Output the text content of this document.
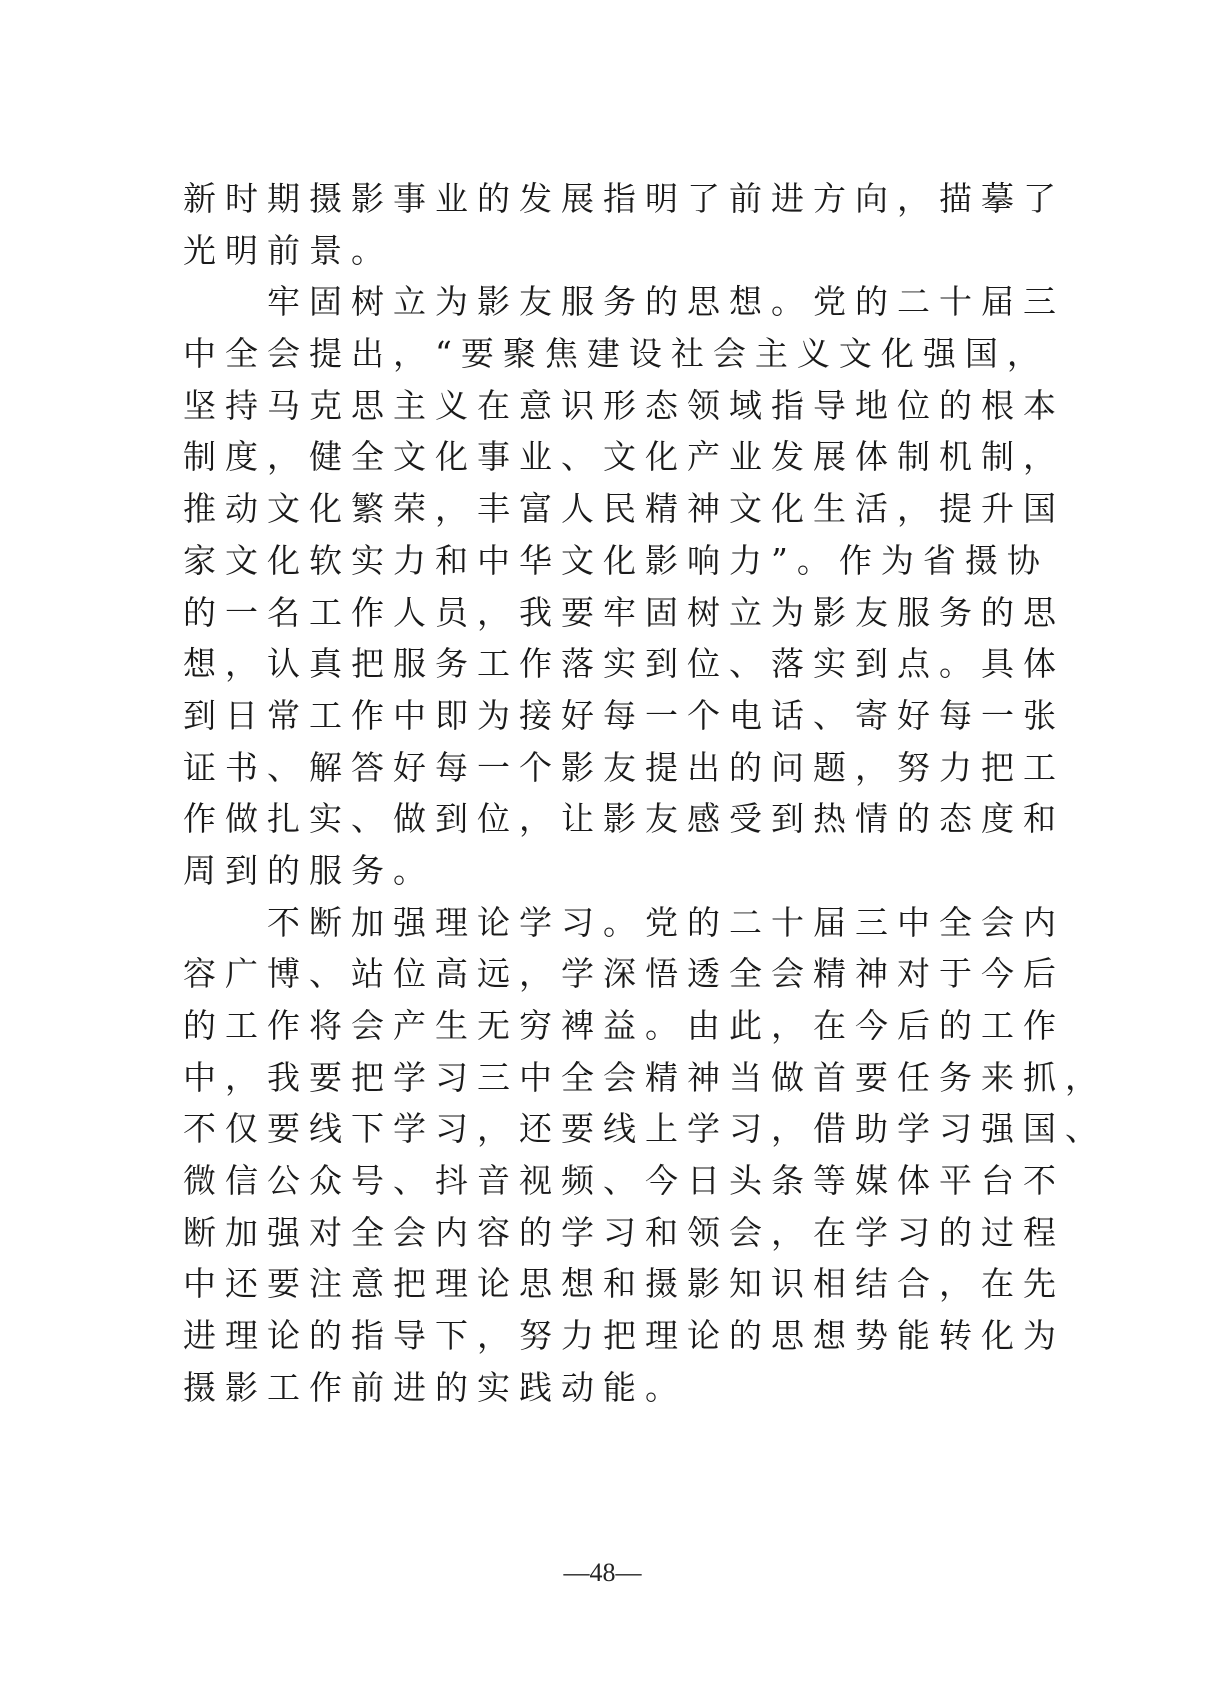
新时期摄影事业的发展指明了前进方向，描摹了
光明前景。
牢固树立为影友服务的思想。党的二十届三
中全会提出，“要聚焦建设社会主义文化强国，
坚持马克思主义在意识形态领域指导地位的根本
制度，健全文化事业、文化产业发展体制机制，
推动文化繁荣，丰富人民精神文化生活，提升国
家文化软实力和中华文化影响力”。作为省摄协
的一名工作人员，我要牢固树立为影友服务的思
想，认真把服务工作落实到位、落实到点。具体
到日常工作中即为接好每一个电话、寄好每一张
证书、解答好每一个影友提出的问题，努力把工
作做扎实、做到位，让影友感受到热情的态度和
周到的服务。
不断加强理论学习。党的二十届三中全会内
容广博、站位高远，学深悟透全会精神对于今后
的工作将会产生无穷裨益。由此，在今后的工作
中，我要把学习三中全会精神当做首要任务来抓，
不仅要线下学习，还要线上学习，借助学习强国、
微信公众号、抖音视频、今日头条等媒体平台不
断加强对全会内容的学习和领会，在学习的过程
中还要注意把理论思想和摄影知识相结合，在先
进理论的指导下，努力把理论的思想势能转化为
摄影工作前进的实践动能。
—48—
